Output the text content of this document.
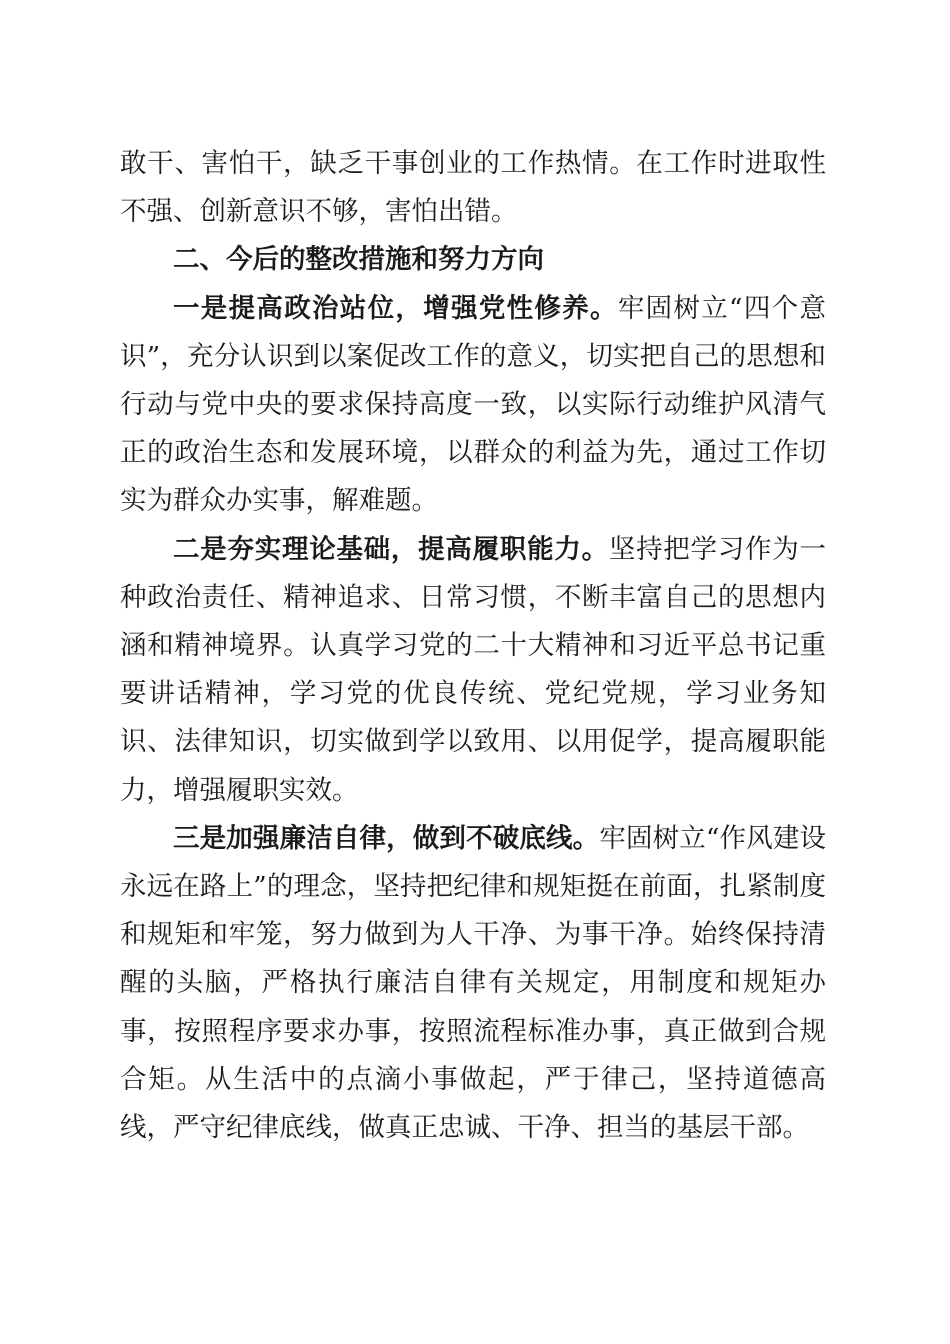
敢干、害怕干，缺乏干事创业的工作热情。在工作时进取性不强、创新意识不够，害怕出错。

二、今后的整改措施和努力方向

一是提高政治站位，增强党性修养。牢固树立“四个意识”，充分认识到以案促改工作的意义，切实把自己的思想和行动与党中央的要求保持高度一致，以实际行动维护风清气正的政治生态和发展环境，以群众的利益为先，通过工作切实为群众办实事，解难题。

二是夯实理论基础，提高履职能力。坚持把学习作为一种政治责任、精神追求、日常习惯，不断丰富自己的思想内涵和精神境界。认真学习党的二十大精神和习近平总书记重要讲话精神，学习党的优良传统、党纪党规，学习业务知识、法律知识，切实做到学以致用、以用促学，提高履职能力，增强履职实效。

三是加强廉洁自律，做到不破底线。牢固树立“作风建设永远在路上”的理念，坚持把纪律和规矩挺在前面，扎紧制度和规矩和牢笼，努力做到为人干净、为事干净。始终保持清醒的头脑，严格执行廉洁自律有关规定，用制度和规矩办事，按照程序要求办事，按照流程标准办事，真正做到合规合矩。从生活中的点滴小事做起，严于律己，坚持道德高线，严守纪律底线，做真正忠诚、干净、担当的基层干部。
